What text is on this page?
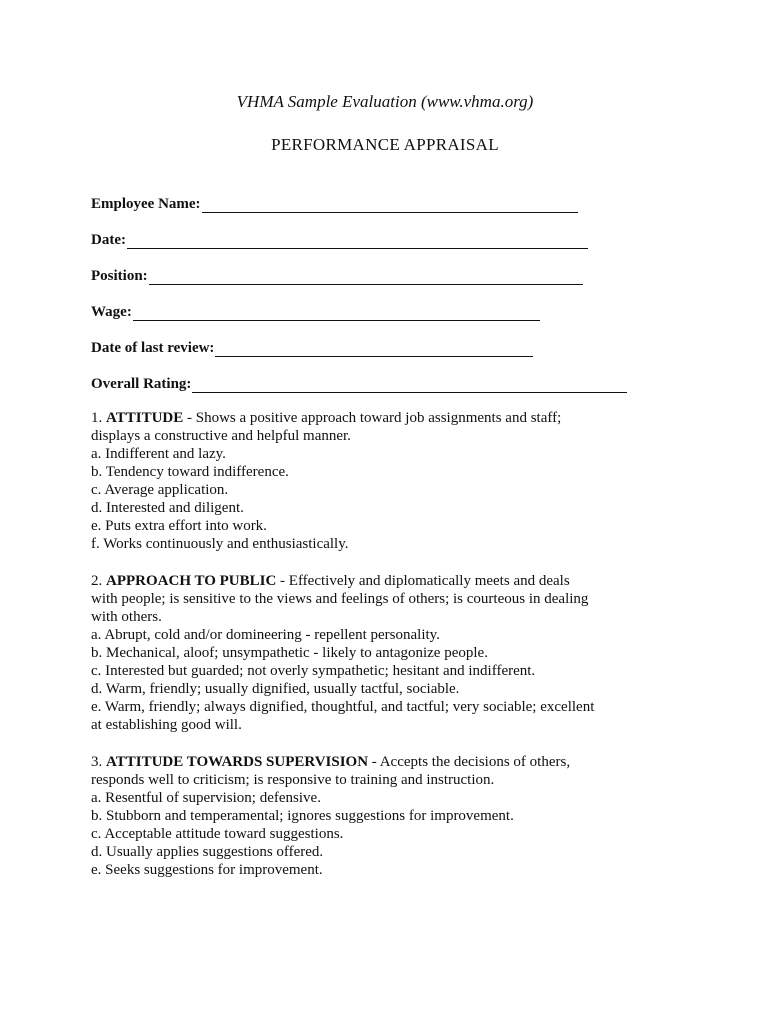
VHMA Sample Evaluation (www.vhma.org)
PERFORMANCE APPRAISAL
Employee Name:
Date:
Position:
Wage:
Date of last review:
Overall Rating:

1. ATTITUDE - Shows a positive approach toward job assignments and staff;

displays a constructive and helpful manner.

a. Indifferent and lazy.

b. Tendency toward indifference.

c. Average application.

d. Interested and diligent.

e. Puts extra effort into work.

f. Works continuously and enthusiastically.

2. APPROACH TO PUBLIC - Effectively and diplomatically meets and deals

with people; is sensitive to the views and feelings of others; is courteous in dealing

with others.

a. Abrupt, cold and/or domineering - repellent personality.

b. Mechanical, aloof; unsympathetic - likely to antagonize people.

c. Interested but guarded; not overly sympathetic; hesitant and indifferent.

d. Warm, friendly; usually dignified, usually tactful, sociable.

e. Warm, friendly; always dignified, thoughtful, and tactful; very sociable; excellent

at establishing good will.

3. ATTITUDE TOWARDS SUPERVISION - Accepts the decisions of others,

responds well to criticism; is responsive to training and instruction.

a. Resentful of supervision; defensive.

b. Stubborn and temperamental; ignores suggestions for improvement.

c. Acceptable attitude toward suggestions.

d. Usually applies suggestions offered.

e. Seeks suggestions for improvement.
